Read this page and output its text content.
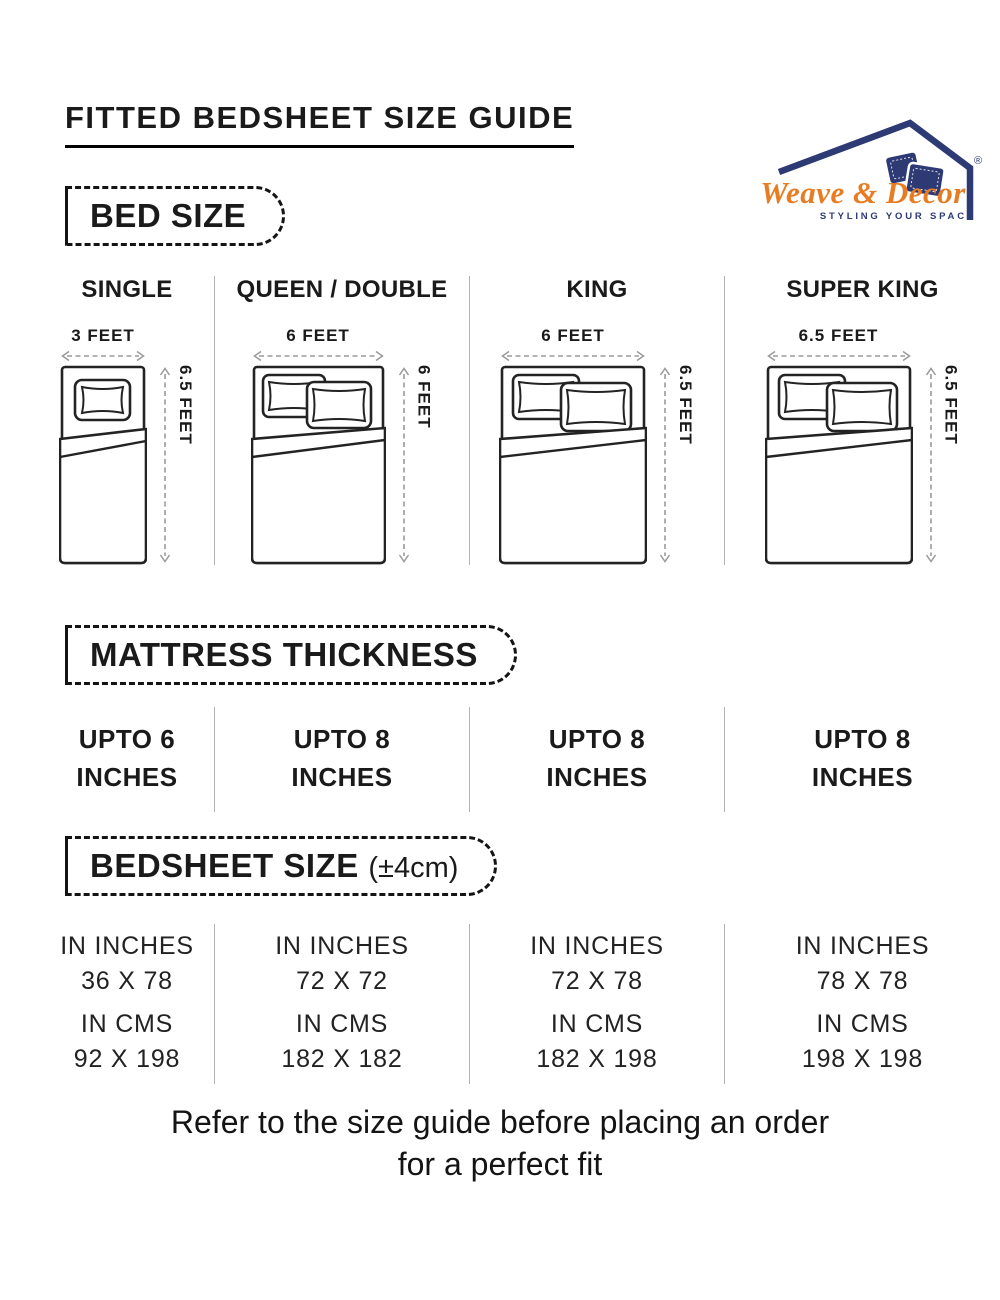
®
Weave & Decor
STYLING YOUR SPACE
FITTED BEDSHEET SIZE GUIDE
BED SIZE
SINGLE
3 FEET
6.5 FEET
QUEEN / DOUBLE
6 FEET
6 FEET
KING
6 FEET
6.5 FEET
SUPER KING
6.5 FEET
6.5 FEET
MATTRESS THICKNESS
UPTO 6
INCHES
UPTO 8
INCHES
UPTO 8
INCHES
UPTO 8
INCHES
BEDSHEET SIZE (±4cm)
IN INCHES
36 X 78
IN CMS
92 X 198
IN INCHES
72 X 72
IN CMS
182 X 182
IN INCHES
72 X 78
IN CMS
182 X 198
IN INCHES
78 X 78
IN CMS
198 X 198
Refer to the size guide before placing an order
for a perfect fit
